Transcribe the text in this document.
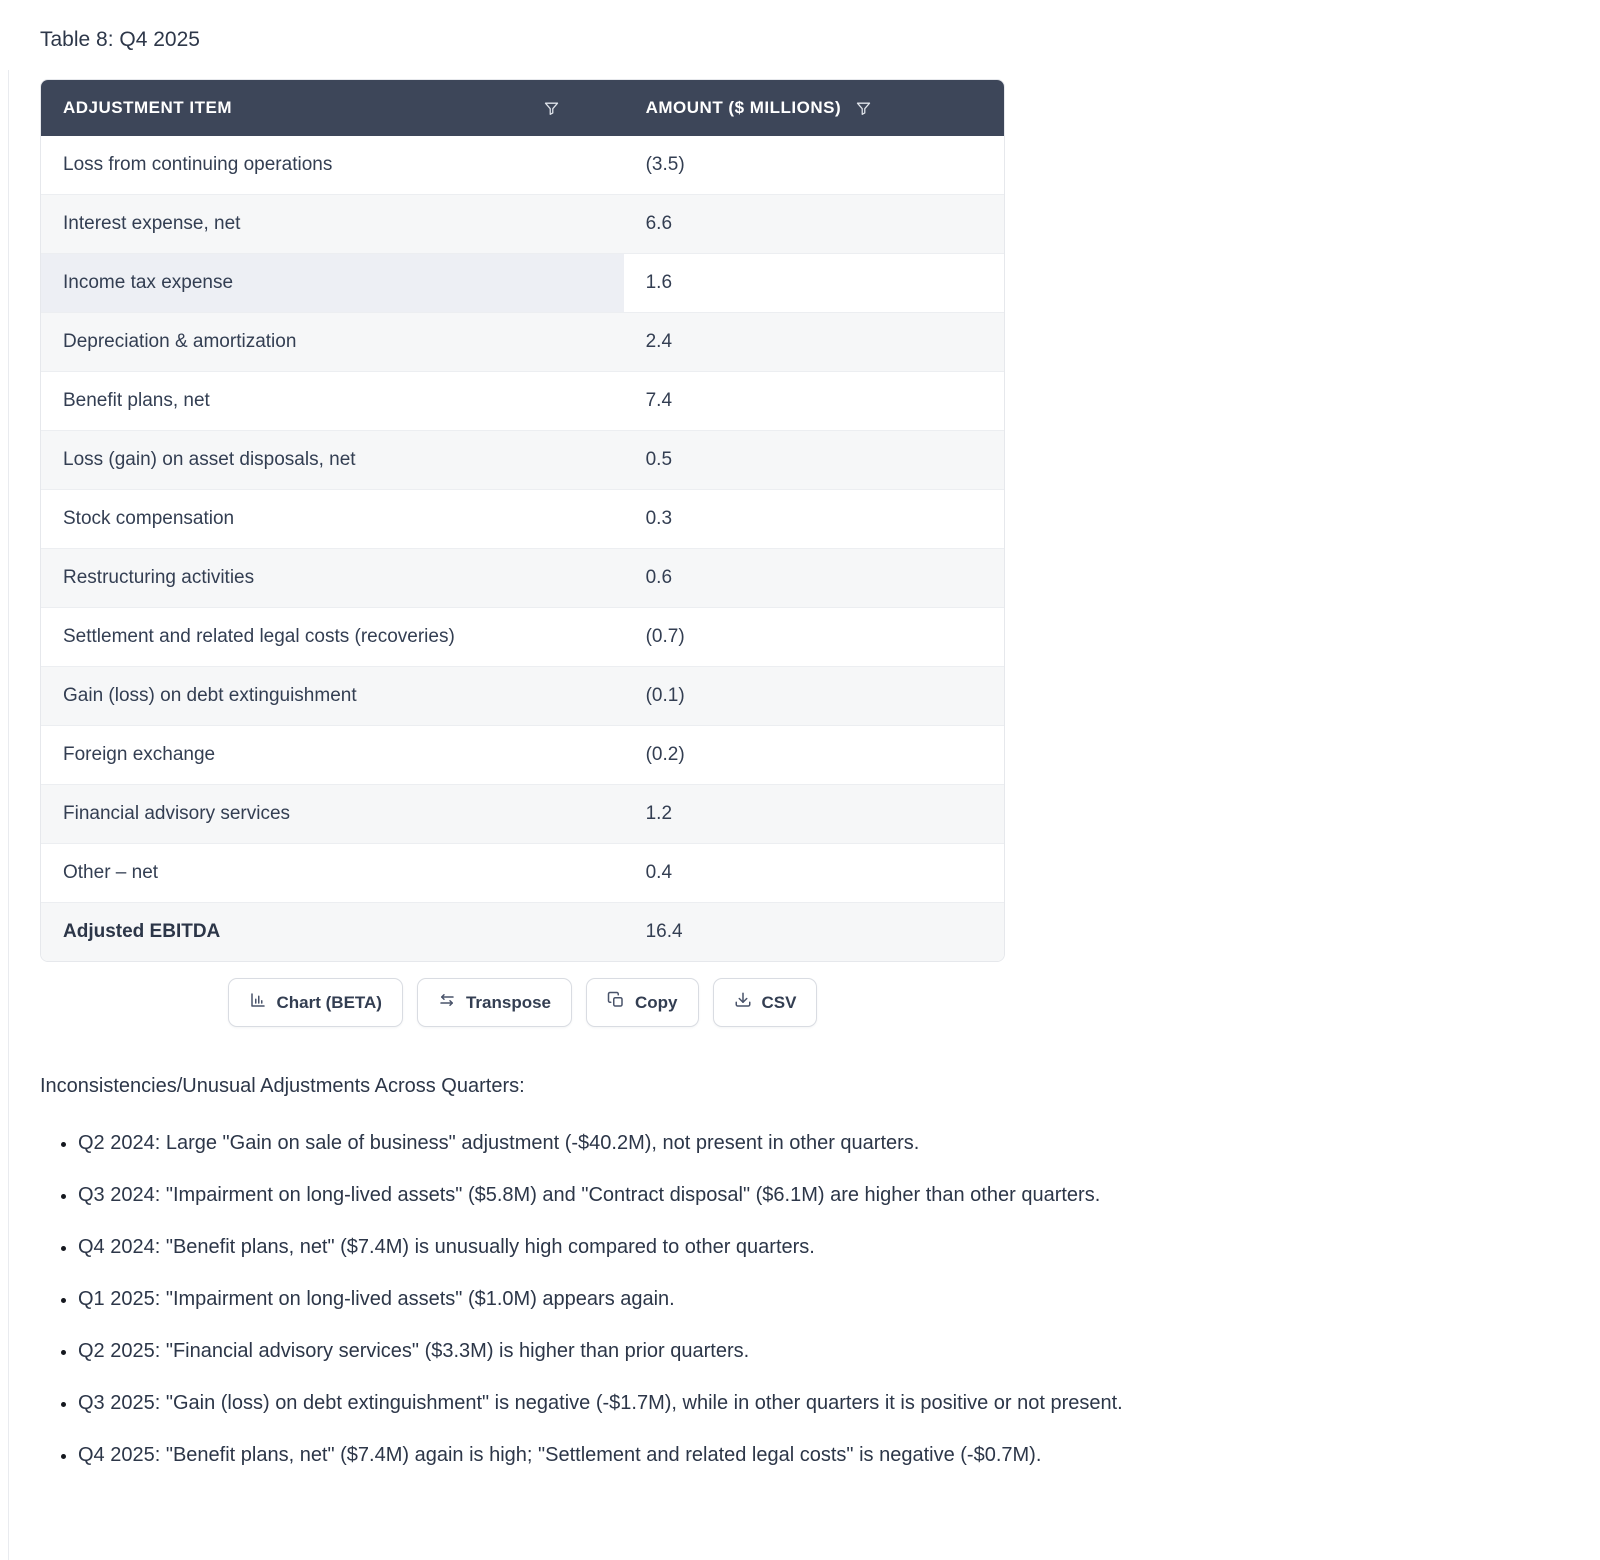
Table 8: Q4 2025
ADJUSTMENT ITEM	AMOUNT ($ MILLIONS)

Loss from continuing operations	(3.5)
Interest expense, net	6.6
Income tax expense	1.6
Depreciation & amortization	2.4
Benefit plans, net	7.4
Loss (gain) on asset disposals, net	0.5
Stock compensation	0.3
Restructuring activities	0.6
Settlement and related legal costs (recoveries)	(0.7)
Gain (loss) on debt extinguishment	(0.1)
Foreign exchange	(0.2)
Financial advisory services	1.2
Other – net	0.4
Adjusted EBITDA	16.4
Chart (BETA)	Transpose	Copy	CSV

Inconsistencies/Unusual Adjustments Across Quarters:

• Q2 2024: Large "Gain on sale of business" adjustment (-$40.2M), not present in other quarters.
• Q3 2024: "Impairment on long-lived assets" ($5.8M) and "Contract disposal" ($6.1M) are higher than other quarters.
• Q4 2024: "Benefit plans, net" ($7.4M) is unusually high compared to other quarters.
• Q1 2025: "Impairment on long-lived assets" ($1.0M) appears again.
• Q2 2025: "Financial advisory services" ($3.3M) is higher than prior quarters.
• Q3 2025: "Gain (loss) on debt extinguishment" is negative (-$1.7M), while in other quarters it is positive or not present.
• Q4 2025: "Benefit plans, net" ($7.4M) again is high; "Settlement and related legal costs" is negative (-$0.7M).
